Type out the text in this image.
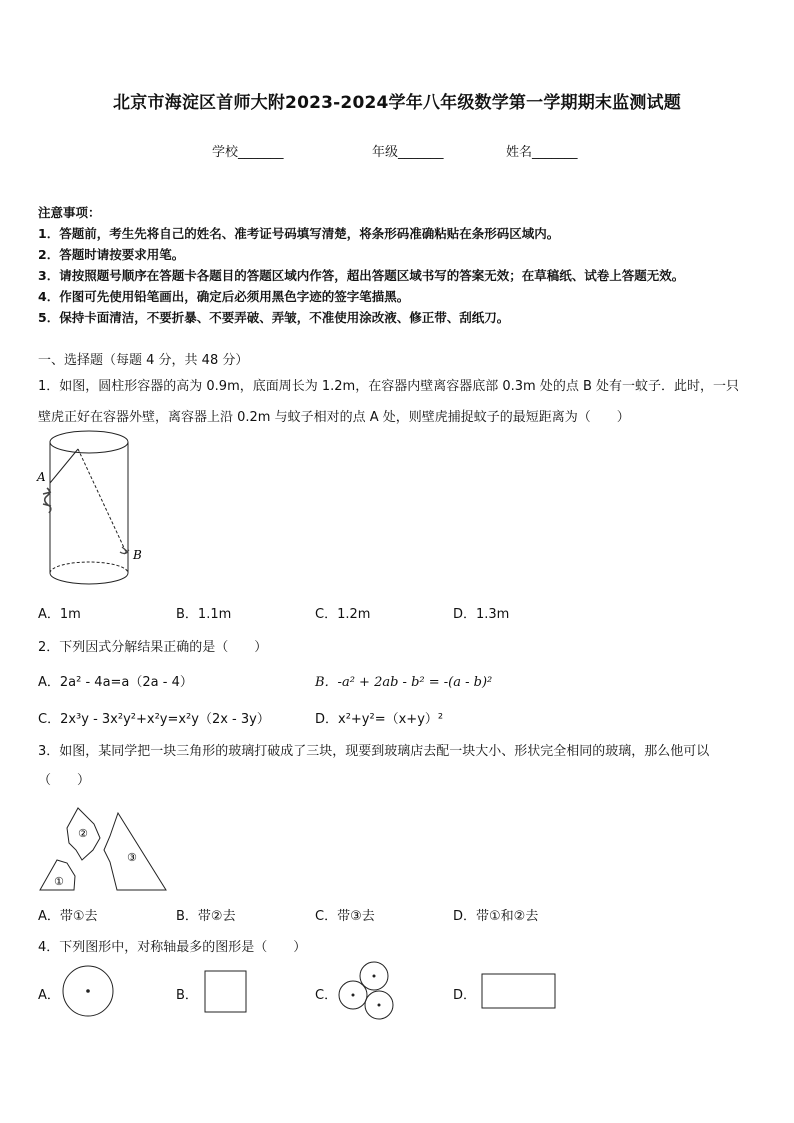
北京市海淀区首师大附2023-2024学年八年级数学第一学期期末监测试题
学校_______	年级_______	姓名_______
注意事项：
1．答题前，考生先将自己的姓名、准考证号码填写清楚，将条形码准确粘贴在条形码区域内。
2．答题时请按要求用笔。
3．请按照题号顺序在答题卡各题目的答题区域内作答，超出答题区域书写的答案无效；在草稿纸、试卷上答题无效。
4．作图可先使用铅笔画出，确定后必须用黑色字迹的签字笔描黑。
5．保持卡面清洁，不要折暴、不要弄破、弄皱，不准使用涂改液、修正带、刮纸刀。
一、选择题（每题 4 分，共 48 分）
1．如图，圆柱形容器的高为 0.9m，底面周长为 1.2m，在容器内壁离容器底部 0.3m 处的点 B 处有一蚊子．此时，一只
壁虎正好在容器外壁，离容器上沿 0.2m 与蚊子相对的点 A 处，则壁虎捕捉蚊子的最短距离为（　　）
A
B
A．1m	B．1.1m	C．1.2m	D．1.3m
2．下列因式分解结果正确的是（　　）
A．2a² - 4a=a（2a - 4）	B．-a² + 2ab - b² = -(a - b)²
C．2x³y - 3x²y²+x²y=x²y（2x - 3y）	D．x²+y²=（x+y）²
3．如图，某同学把一块三角形的玻璃打破成了三块，现要到玻璃店去配一块大小、形状完全相同的玻璃，那么他可以
（　　）
①
②
③
A．带①去	B．带②去	C．带③去	D．带①和②去
4．下列图形中，对称轴最多的图形是（　　）
A．	B．	C．	D．
